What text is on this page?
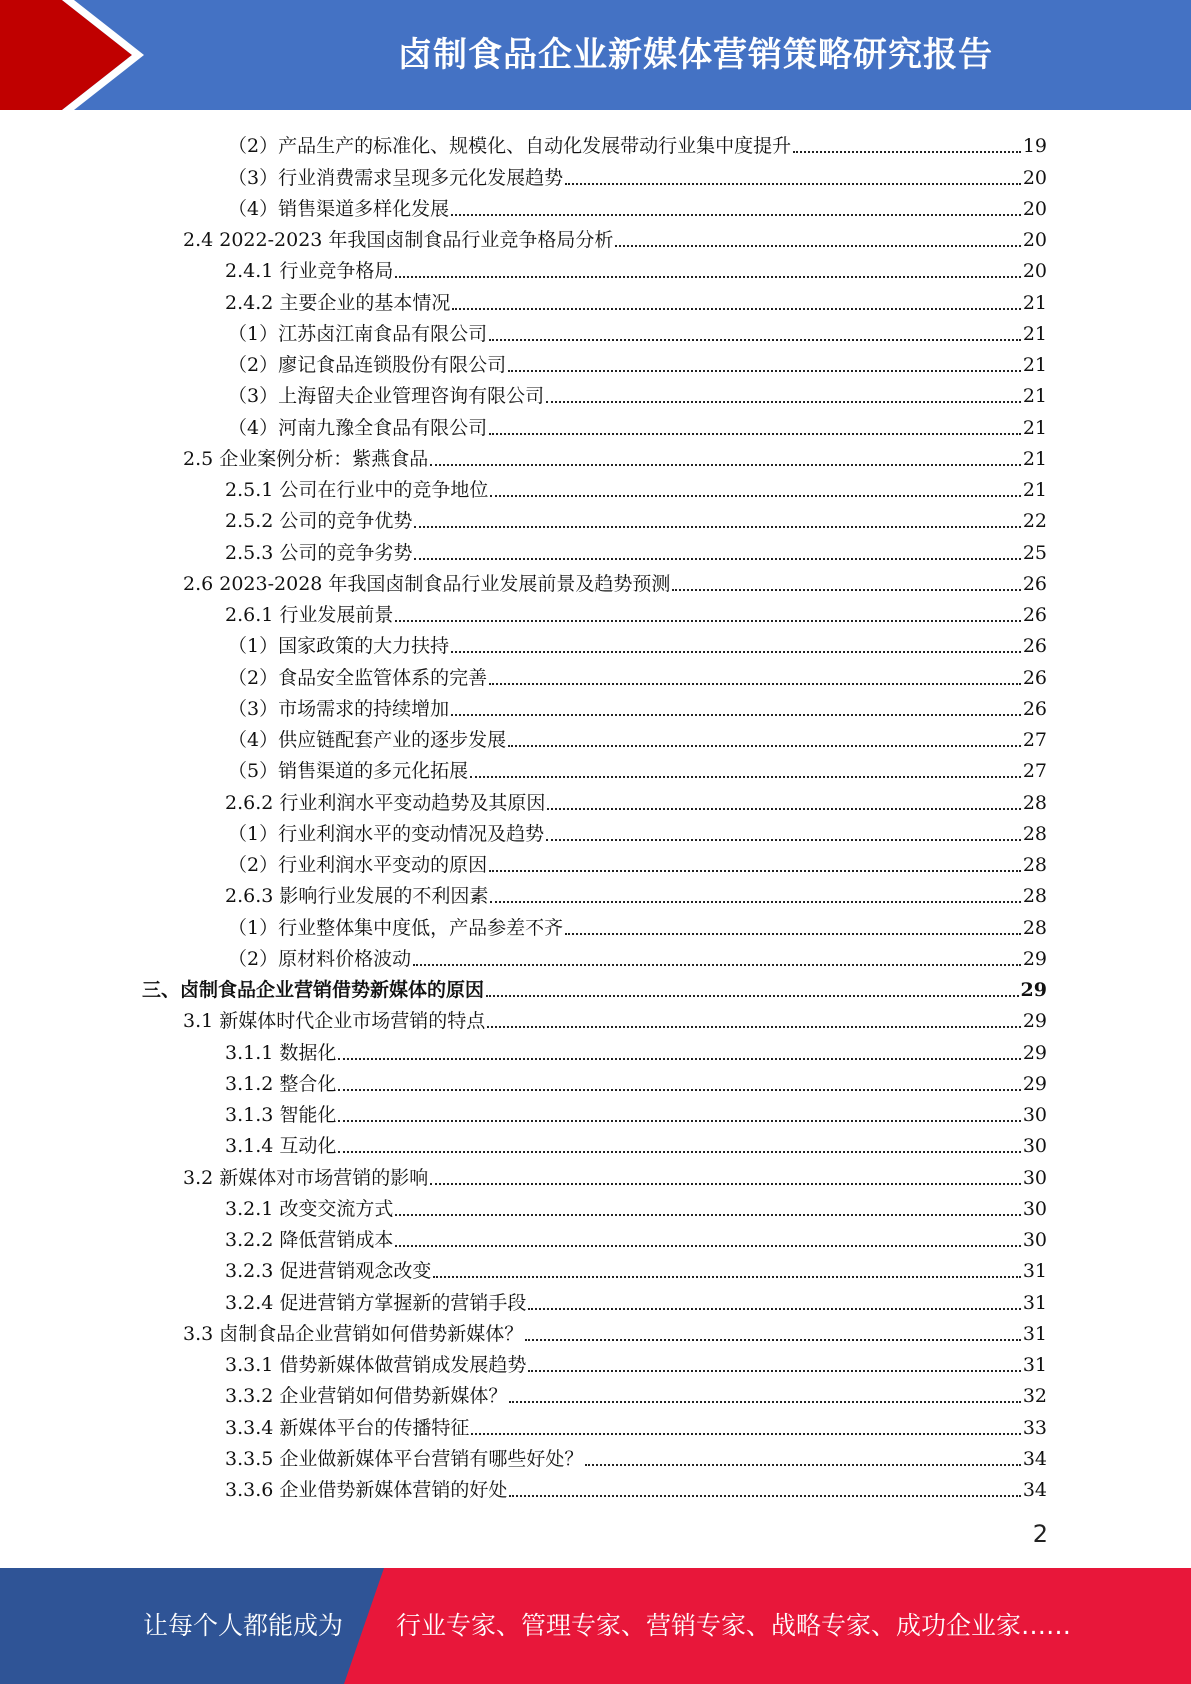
卤制食品企业新媒体营销策略研究报告
（2）产品生产的标准化、规模化、自动化发展带动行业集中度提升	19
（3）行业消费需求呈现多元化发展趋势	20
（4）销售渠道多样化发展	20
2.4 2022-2023 年我国卤制食品行业竞争格局分析	20
2.4.1 行业竞争格局	20
2.4.2 主要企业的基本情况	21
（1）江苏卤江南食品有限公司	21
（2）廖记食品连锁股份有限公司	21
（3）上海留夫企业管理咨询有限公司	21
（4）河南九豫全食品有限公司	21
2.5 企业案例分析：紫燕食品	21
2.5.1 公司在行业中的竞争地位	21
2.5.2 公司的竞争优势	22
2.5.3 公司的竞争劣势	25
2.6 2023-2028 年我国卤制食品行业发展前景及趋势预测	26
2.6.1 行业发展前景	26
（1）国家政策的大力扶持	26
（2）食品安全监管体系的完善	26
（3）市场需求的持续增加	26
（4）供应链配套产业的逐步发展	27
（5）销售渠道的多元化拓展	27
2.6.2 行业利润水平变动趋势及其原因	28
（1）行业利润水平的变动情况及趋势	28
（2）行业利润水平变动的原因	28
2.6.3 影响行业发展的不利因素	28
（1）行业整体集中度低，产品参差不齐	28
（2）原材料价格波动	29
三、卤制食品企业营销借势新媒体的原因	29
3.1 新媒体时代企业市场营销的特点	29
3.1.1 数据化	29
3.1.2 整合化	29
3.1.3 智能化	30
3.1.4 互动化	30
3.2 新媒体对市场营销的影响	30
3.2.1 改变交流方式	30
3.2.2 降低营销成本	30
3.2.3 促进营销观念改变	31
3.2.4 促进营销方掌握新的营销手段	31
3.3 卤制食品企业营销如何借势新媒体？	31
3.3.1 借势新媒体做营销成发展趋势	31
3.3.2 企业营销如何借势新媒体？	32
3.3.4 新媒体平台的传播特征	33
3.3.5 企业做新媒体平台营销有哪些好处？	34
3.3.6 企业借势新媒体营销的好处	34
2
让每个人都能成为 行业专家、管理专家、营销专家、战略专家、成功企业家……
